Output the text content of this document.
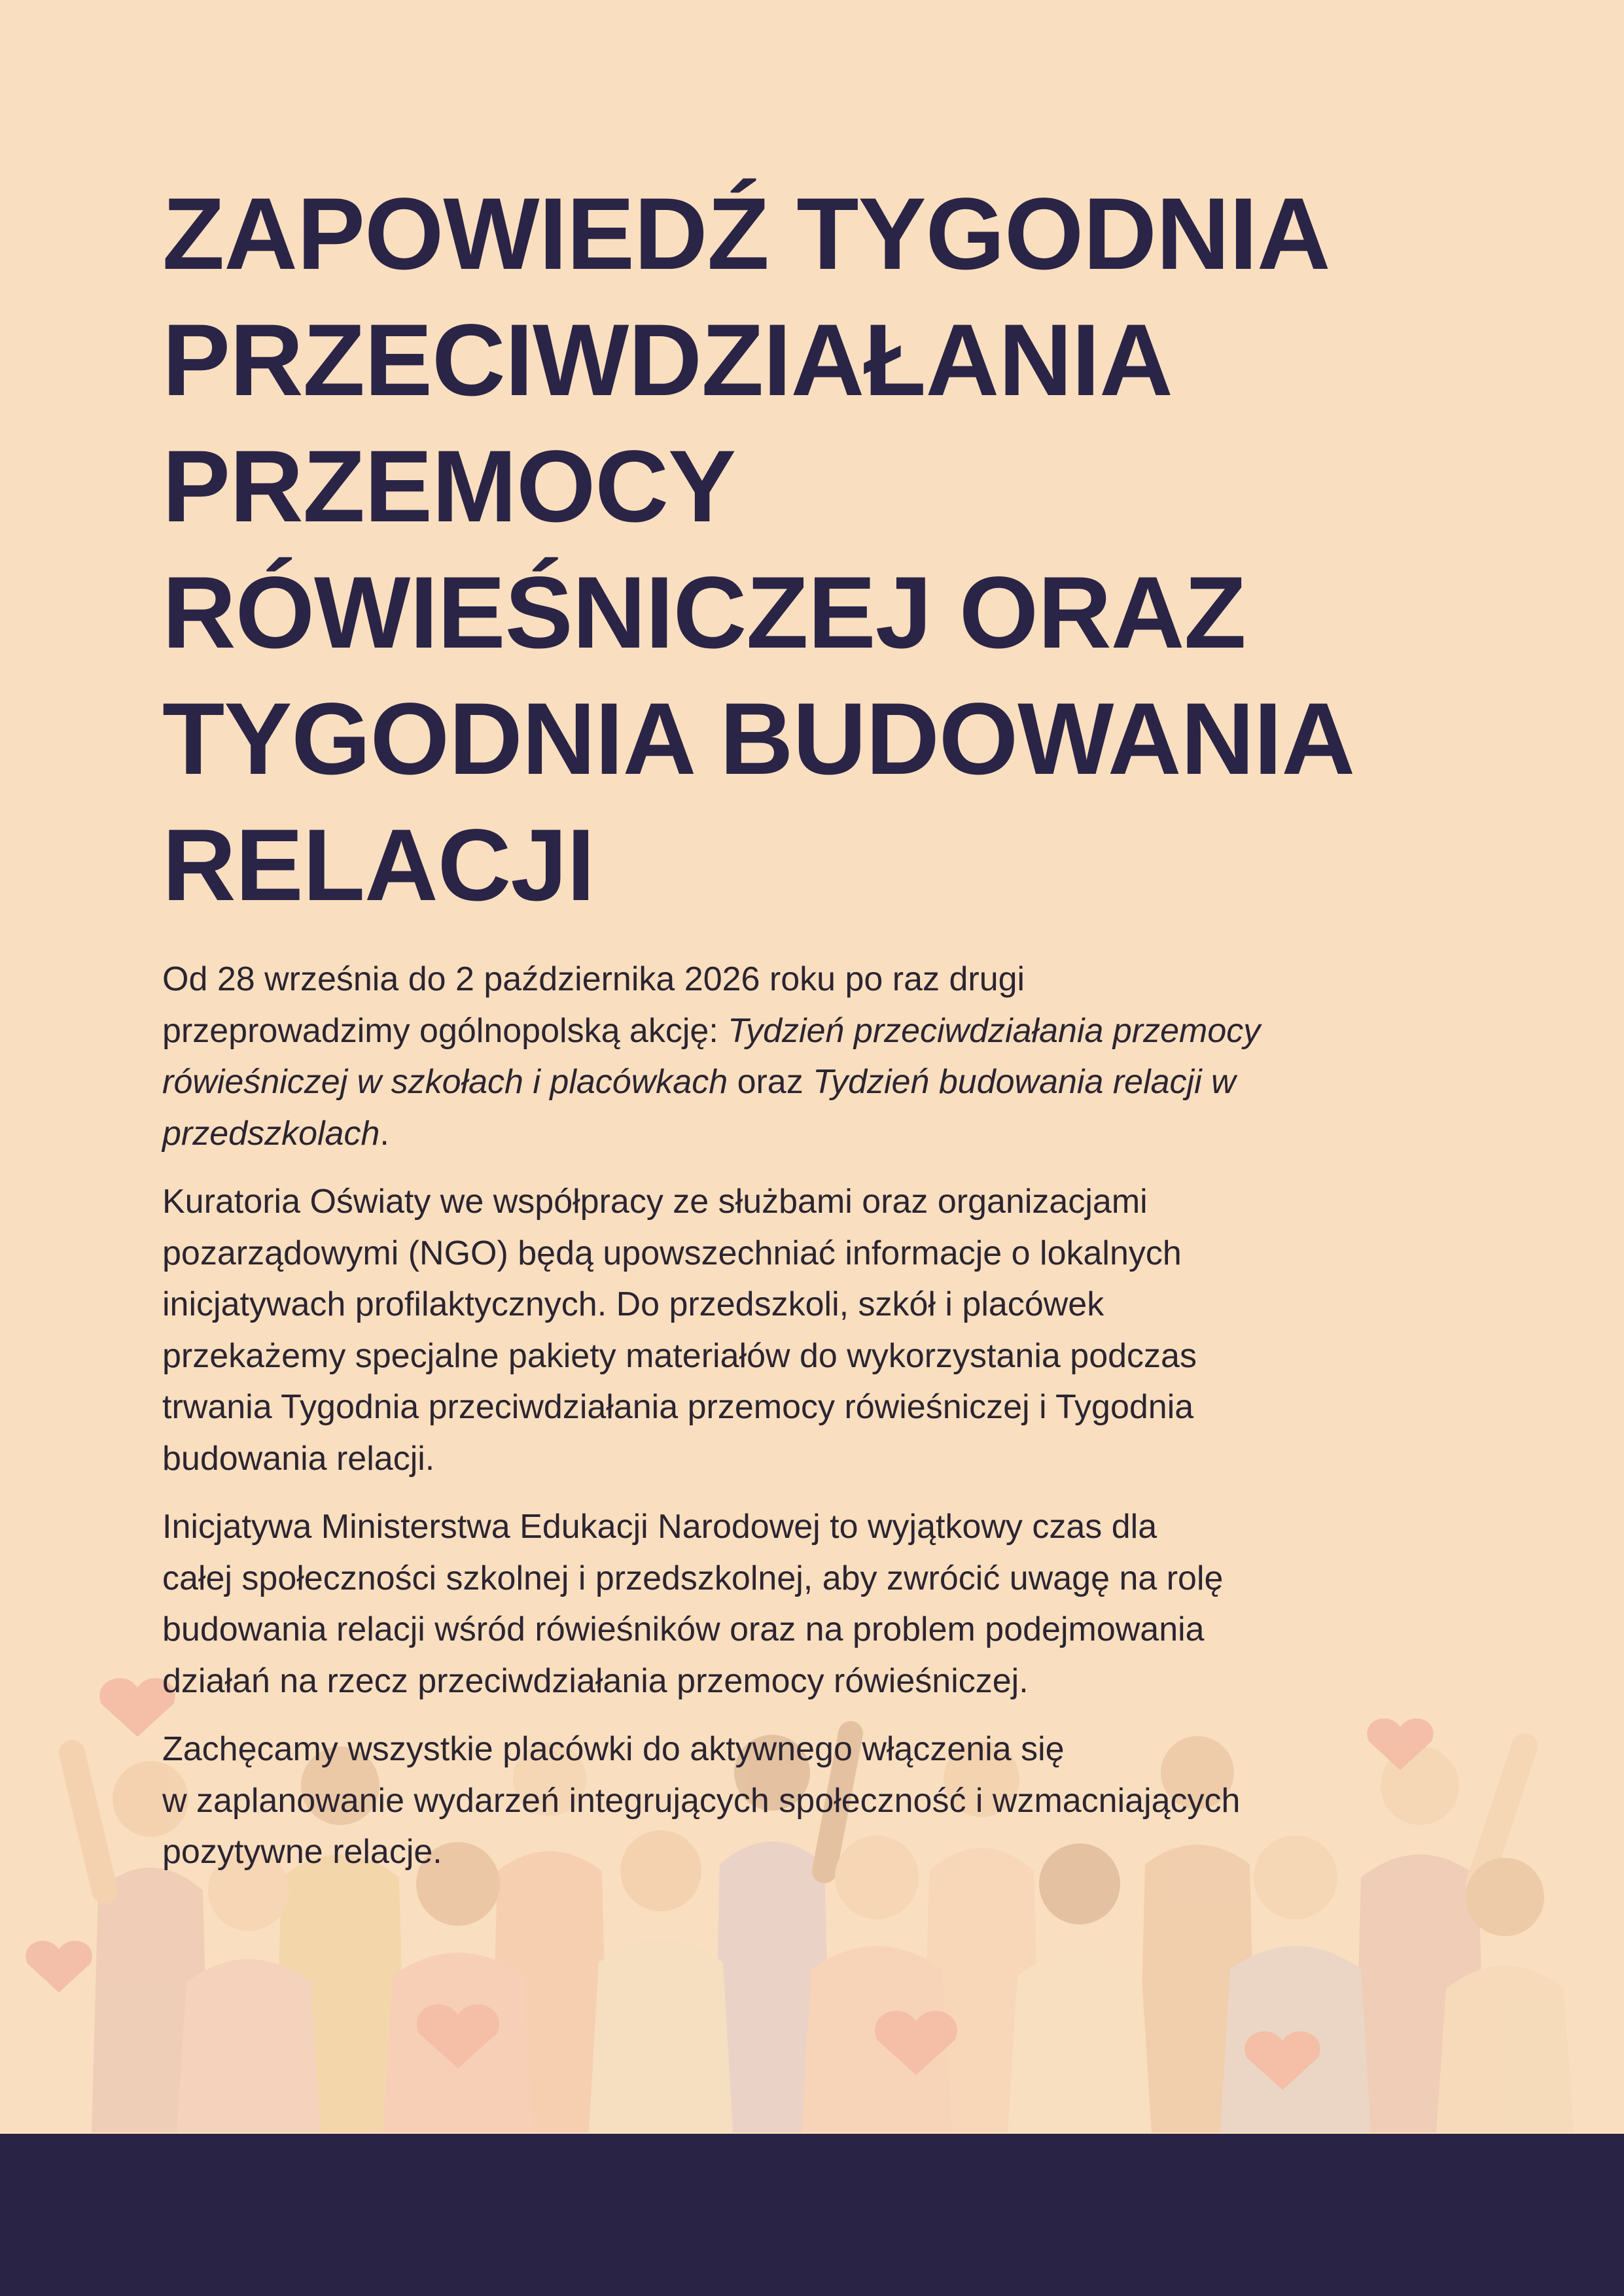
ZAPOWIEDŹ TYGODNIA
PRZECIWDZIAŁANIA
PRZEMOCY
RÓWIEŚNICZEJ ORAZ
TYGODNIA BUDOWANIA
RELACJI

Od 28 września do 2 października 2026 roku po raz drugi
przeprowadzimy ogólnopolską akcję: Tydzień przeciwdziałania przemocy
rówieśniczej w szkołach i placówkach oraz Tydzień budowania relacji w
przedszkolach.

Kuratoria Oświaty we współpracy ze służbami oraz organizacjami
pozarządowymi (NGO) będą upowszechniać informacje o lokalnych
inicjatywach profilaktycznych. Do przedszkoli, szkół i placówek
przekażemy specjalne pakiety materiałów do wykorzystania podczas
trwania Tygodnia przeciwdziałania przemocy rówieśniczej i Tygodnia
budowania relacji.

Inicjatywa Ministerstwa Edukacji Narodowej to wyjątkowy czas dla
całej społeczności szkolnej i przedszkolnej, aby zwrócić uwagę na rolę
budowania relacji wśród rówieśników oraz na problem podejmowania
działań na rzecz przeciwdziałania przemocy rówieśniczej.

Zachęcamy wszystkie placówki do aktywnego włączenia się
w zaplanowanie wydarzeń integrujących społeczność i wzmacniających
pozytywne relacje.
